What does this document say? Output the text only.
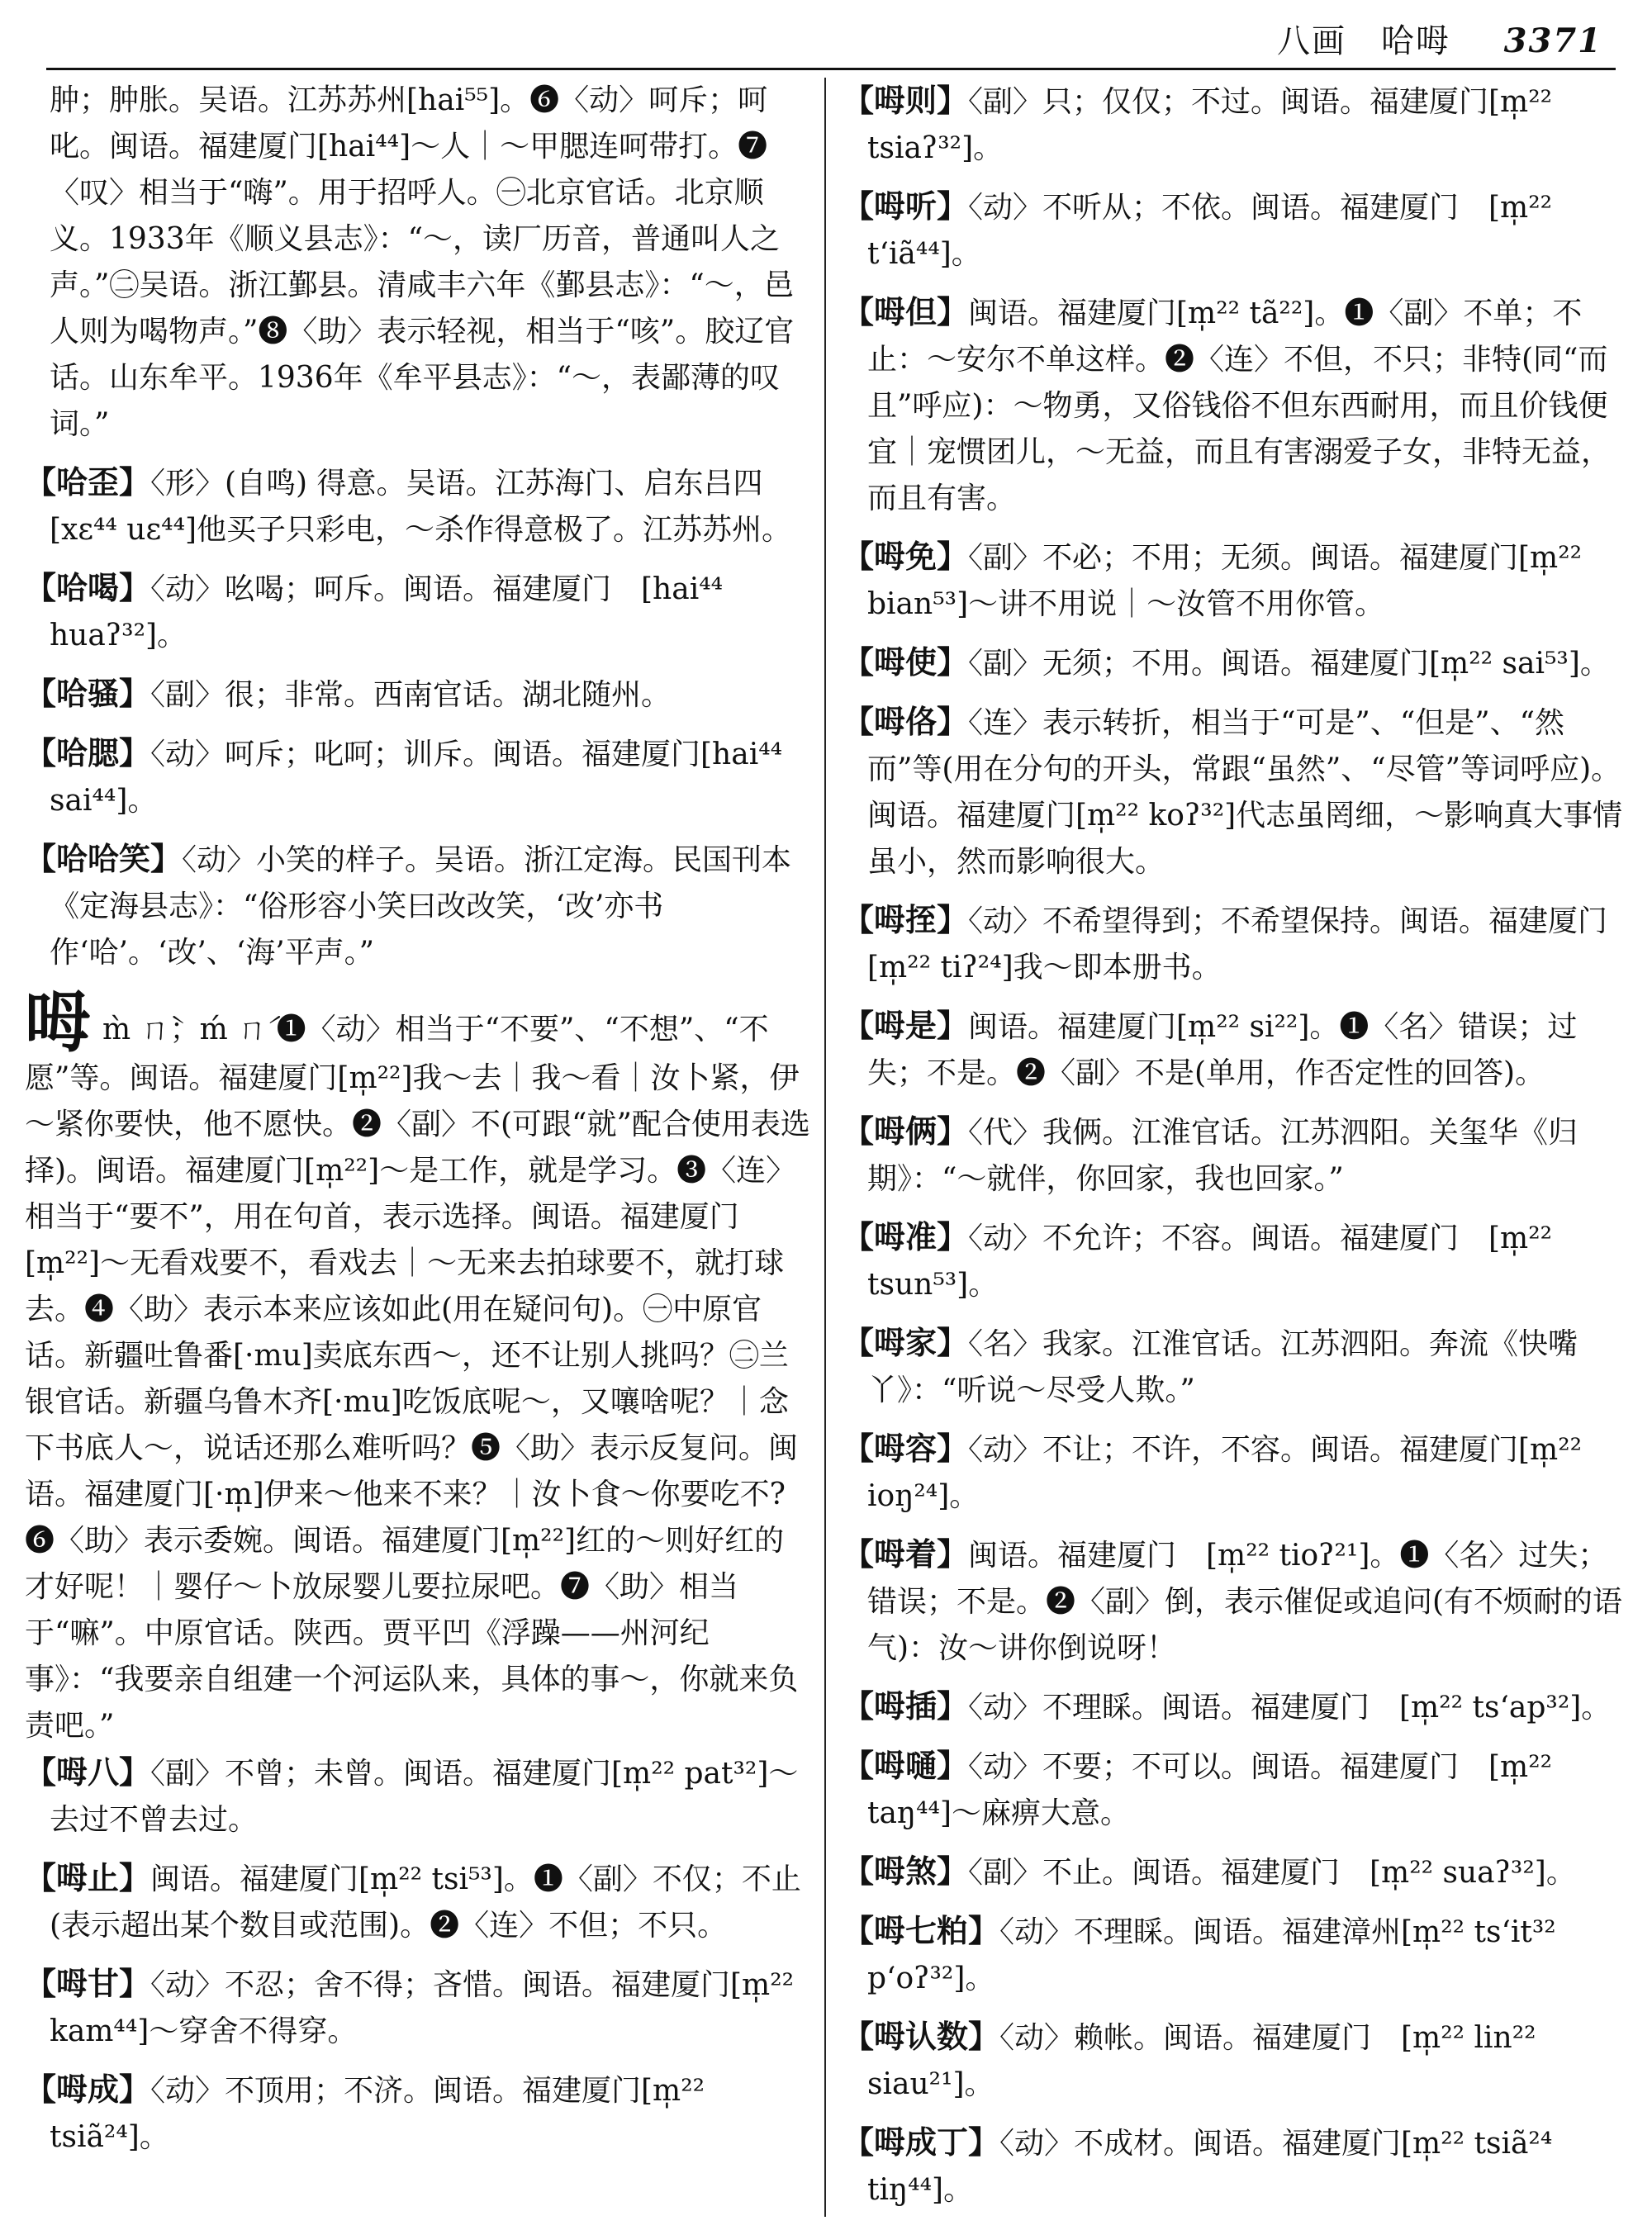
八画　哈呣 3371

肿；肿胀。吴语。江苏苏州[hai⁵⁵]。❻〈动〉呵斥；呵叱。闽语。福建厦门[hai⁴⁴]～人｜～甲腮连呵带打。❼〈叹〉相当于“嗨”。用于招呼人。㊀北京官话。北京顺义。1933年《顺义县志》：“～，读厂历音，普通叫人之声。”㊁吴语。浙江鄞县。清咸丰六年《鄞县志》：“～，邑人则为喝物声。”❽〈助〉表示轻视，相当于“咳”。胶辽官话。山东牟平。1936年《牟平县志》：“～，表鄙薄的叹词。”

【哈歪】〈形〉(自鸣) 得意。吴语。江苏海门、启东吕四[xɛ⁴⁴ uɛ⁴⁴]他买子只彩电，～杀作得意极了。江苏苏州。

【哈喝】〈动〉吆喝；呵斥。闽语。福建厦门　[hai⁴⁴ huaʔ³²]。

【哈骚】〈副〉很；非常。西南官话。湖北随州。

【哈腮】〈动〉呵斥；叱呵；训斥。闽语。福建厦门[hai⁴⁴ sai⁴⁴]。

【哈哈笑】〈动〉小笑的样子。吴语。浙江定海。民国刊本《定海县志》：“俗形容小笑曰改改笑，‘改’亦书作‘哈’。‘改’、‘海’平声。”

呣m̀ ㄇ̀；ḿ ㄇ́ ❶〈动〉相当于“不要”、“不想”、“不愿”等。闽语。福建厦门[m̩²²]我～去｜我～看｜汝卜紧，伊～紧你要快，他不愿快。❷〈副〉不(可跟“就”配合使用表选择)。闽语。福建厦门[m̩²²]～是工作，就是学习。❸〈连〉相当于“要不”，用在句首，表示选择。闽语。福建厦门[m̩²²]～无看戏要不，看戏去｜～无来去拍球要不，就打球去。❹〈助〉表示本来应该如此(用在疑问句)。㊀中原官话。新疆吐鲁番[·mu]卖底东西～，还不让别人挑吗？㊁兰银官话。新疆乌鲁木齐[·mu]吃饭底呢～，又嚷啥呢？｜念下书底人～，说话还那么难听吗？❺〈助〉表示反复问。闽语。福建厦门[·m̩]伊来～他来不来？｜汝卜食～你要吃不?❻〈助〉表示委婉。闽语。福建厦门[m̩²²]红的～则好红的才好呢！｜婴仔～卜放尿婴儿要拉尿吧。❼〈助〉相当于“嘛”。中原官话。陕西。贾平凹《浮躁——州河纪事》：“我要亲自组建一个河运队来，具体的事～，你就来负责吧。”

【呣八】〈副〉不曾；未曾。闽语。福建厦门[m̩²² pat³²]～去过不曾去过。

【呣止】闽语。福建厦门[m̩²² tsi⁵³]。❶〈副〉不仅；不止(表示超出某个数目或范围)。❷〈连〉不但；不只。

【呣甘】〈动〉不忍；舍不得；吝惜。闽语。福建厦门[m̩²² kam⁴⁴]～穿舍不得穿。

【呣成】〈动〉不顶用；不济。闽语。福建厦门[m̩²² tsiã²⁴]。

【呣则】〈副〉只；仅仅；不过。闽语。福建厦门[m̩²² tsiaʔ³²]。

【呣听】〈动〉不听从；不依。闽语。福建厦门　[m̩²² tʻiã⁴⁴]。

【呣但】闽语。福建厦门[m̩²² tã²²]。❶〈副〉不单；不止：～安尔不单这样。❷〈连〉不但，不只；非特(同“而且”呼应)：～物勇，又俗钱俗不但东西耐用，而且价钱便宜｜宠惯团儿，～无益，而且有害溺爱子女，非特无益，而且有害。

【呣免】〈副〉不必；不用；无须。闽语。福建厦门[m̩²² bian⁵³]～讲不用说｜～汝管不用你管。

【呣使】〈副〉无须；不用。闽语。福建厦门[m̩²² sai⁵³]。

【呣佫】〈连〉表示转折，相当于“可是”、“但是”、“然而”等(用在分句的开头，常跟“虽然”、“尽管”等词呼应)。闽语。福建厦门[m̩²² koʔ³²]代志虽罔细，～影响真大事情虽小，然而影响很大。

【呣挃】〈动〉不希望得到；不希望保持。闽语。福建厦门[m̩²² tiʔ²⁴]我～即本册书。

【呣是】闽语。福建厦门[m̩²² si²²]。❶〈名〉错误；过失；不是。❷〈副〉不是(单用，作否定性的回答)。

【呣俩】〈代〉我俩。江淮官话。江苏泗阳。关玺华《归期》：“～就伴，你回家，我也回家。”

【呣准】〈动〉不允许；不容。闽语。福建厦门　[m̩²² tsun⁵³]。

【呣家】〈名〉我家。江淮官话。江苏泗阳。奔流《快嘴丫》：“听说～尽受人欺。”

【呣容】〈动〉不让；不许，不容。闽语。福建厦门[m̩²² ioŋ²⁴]。

【呣着】闽语。福建厦门　[m̩²² tioʔ²¹]。❶〈名〉过失；错误；不是。❷〈副〉倒，表示催促或追问(有不烦耐的语气)：汝～讲你倒说呀！

【呣插】〈动〉不理睬。闽语。福建厦门　[m̩²² tsʻap³²]。

【呣嗵】〈动〉不要；不可以。闽语。福建厦门　[m̩²² taŋ⁴⁴]～麻痹大意。

【呣煞】〈副〉不止。闽语。福建厦门　[m̩²² suaʔ³²]。

【呣七粕】〈动〉不理睬。闽语。福建漳州[m̩²² tsʻit³² pʻoʔ³²]。

【呣认数】〈动〉赖帐。闽语。福建厦门　[m̩²² lin²² siau²¹]。

【呣成丁】〈动〉不成材。闽语。福建厦门[m̩²² tsiã²⁴ tiŋ⁴⁴]。
